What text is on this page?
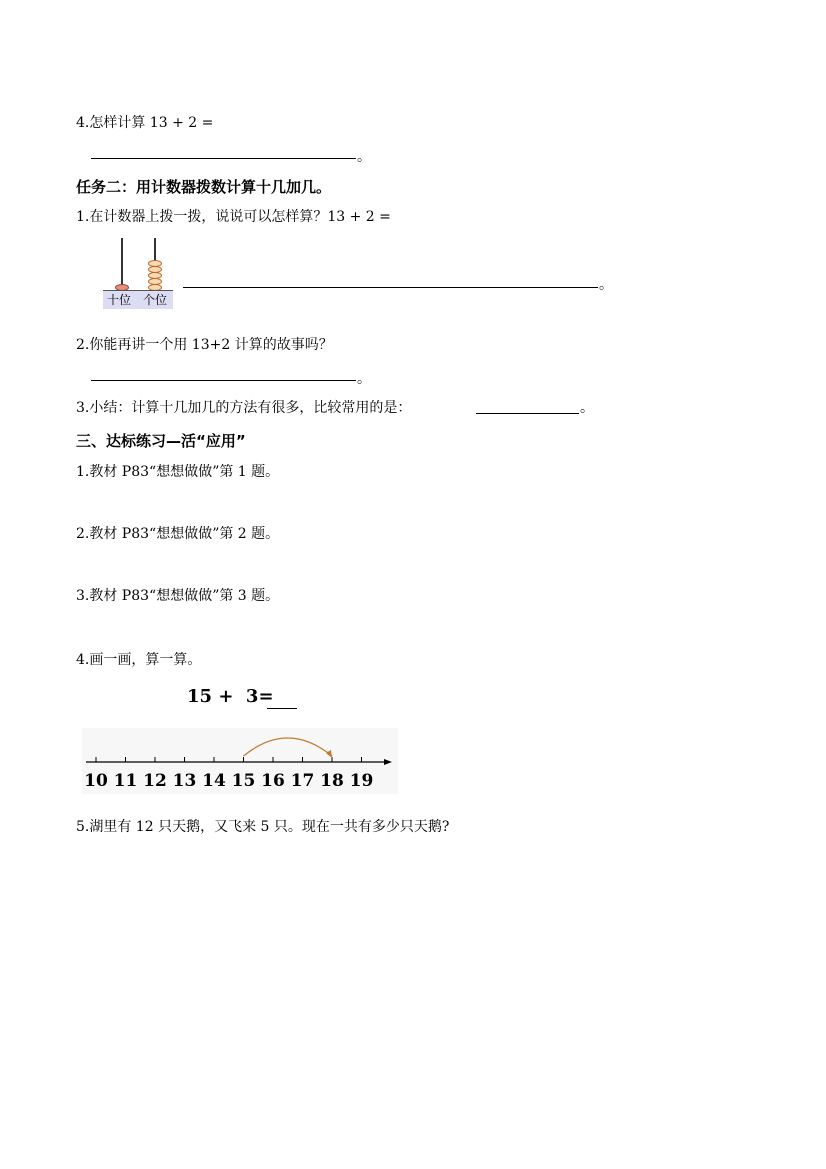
4.怎样计算 13 + 2 =
。
任务二：用计数器拨数计算十几加几。
1.在计数器上拨一拨，说说可以怎样算？13 + 2 =
十位 个位
。
2.你能再讲一个用 13+2 计算的故事吗？
。
3.小结：计算十几加几的方法有很多，比较常用的是：	。
三、达标练习—活“应用”
1.教材 P83“想想做做”第 1 题。
2.教材 P83“想想做做”第 2 题。
3.教材 P83“想想做做”第 3 题。
4.画一画，算一算。
15 +  3=
10 11 12 13 14 15 16 17 18 19
5.湖里有 12 只天鹅，又飞来 5 只。现在一共有多少只天鹅?
